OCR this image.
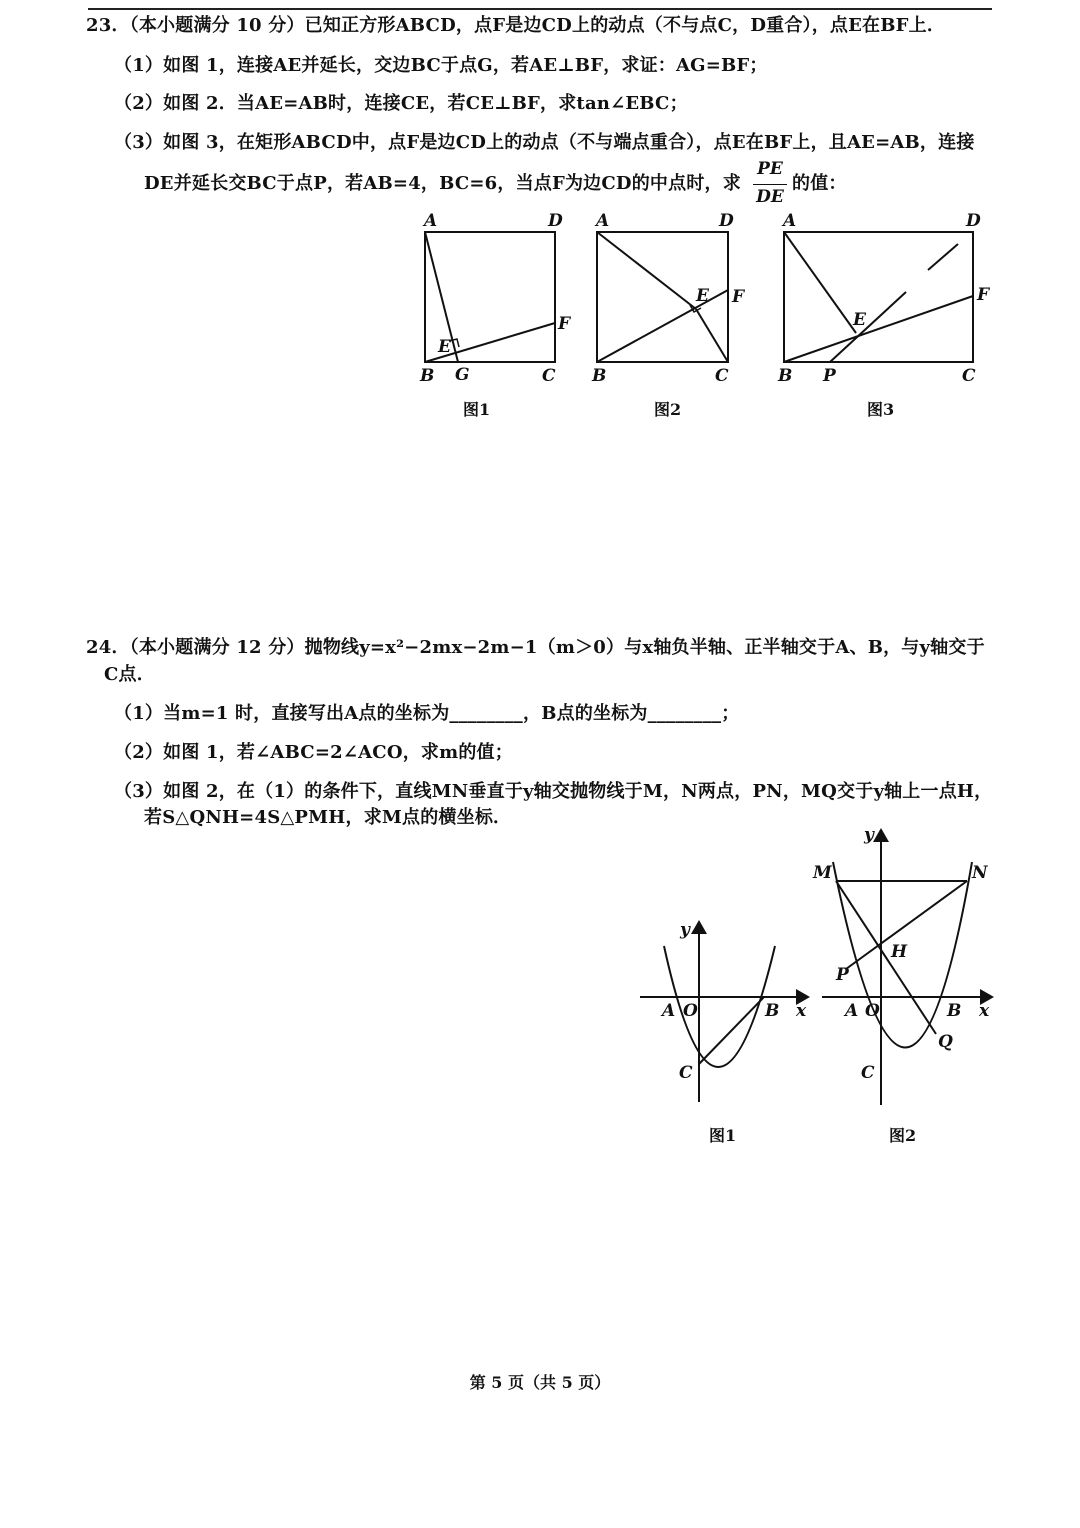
23．（本小题满分 10 分）已知正方形ABCD，点F是边CD上的动点（不与点C，D重合），点E在BF上．
（1）如图 1，连接AE并延长，交边BC于点G，若AE⊥BF，求证：AG=BF；
（2）如图 2．当AE=AB时，连接CE，若CE⊥BF，求tan∠EBC；
（3）如图 3，在矩形ABCD中，点F是边CD上的动点（不与端点重合），点E在BF上，且AE=AB，连接
DE并延长交BC于点P，若AB=4，BC=6，当点F为边CD的中点时，求
PE
DE
的值：
A	D
B G	C
E
F
图1
A	D
B	C
E F
图2
A	D
B P	C
E
F
图3
24．（本小题满分 12 分）抛物线y=x²−2mx−2m−1（m＞0）与x轴负半轴、正半轴交于A、B，与y轴交于
C点．
（1）当m=1 时，直接写出A点的坐标为________，B点的坐标为________；
（2）如图 1，若∠ABC=2∠ACO，求m的值；
（3）如图 2，在（1）的条件下，直线MN垂直于y轴交抛物线于M，N两点，PN，MQ交于y轴上一点H，
若S△QNH=4S△PMH，求M点的横坐标．
y
x
A O	B
C
图1
y
x
M	N
H
P
A O	B
Q
C
图2
第 5 页（共 5 页）
